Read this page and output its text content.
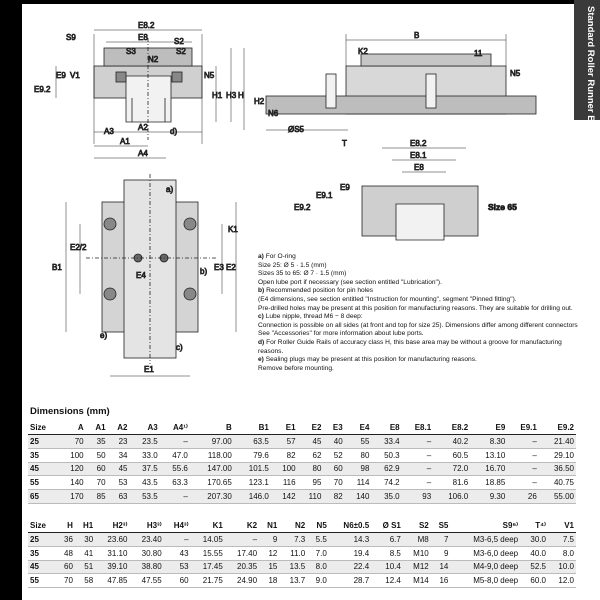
Standard Roller Runner B
S9
E8.2
E8
S3
S2
S2
N2
E9 V1
E9.2
N5
H1 H3 H
A3	A2
A1
A4
d)
B
K2	11
N5
H2
N6
ØS5
T	E8.2
E8.1
E8
E9
E9.1
E9.2	Size 65
a)
K1
E2/2
B1	b) E3 E2
E4
e)
c)
E1

a) For O-ring
Size 25: Ø 5 · 1.5 (mm)
Sizes 35 to 65: Ø 7 · 1.5 (mm)
Open lube port if necessary (see section entitled "Lubrication").

b) Recommended position for pin holes
(E4 dimensions, see section entitled "Instruction for mounting", segment "Pinned fitting").
Pre-drilled holes may be present at this position for manufacturing reasons. They are suitable for drilling out.

c) Lube nipple, thread M6 − 8 deep:
Connection is possible on all sides (at front and top for size 25). Dimensions differ among different connectors See "Accessories" for more information about lube ports.

d) For Roller Guide Rails of accuracy class H, this base area may be without a groove for manufacturing reasons.

e) Sealing plugs may be present at this position for manufacturing reasons.
Remove before mounting.

Dimensions (mm)
Size	A	A1	A2	A3	A4¹⁾	B	B1	E1	E2	E3	E4	E8	E8.1	E8.2	E9	E9.1	E9.2
25	70	35	23	23.5	–	97.00	63.5	57	45	40	55	33.4	–	40.2	8.30	–	21.40
35	100	50	34	33.0	47.0	118.00	79.6	82	62	52	80	50.3	–	60.5	13.10	–	29.10
45	120	60	45	37.5	55.6	147.00	101.5	100	80	60	98	62.9	–	72.0	16.70	–	36.50
55	140	70	53	43.5	63.3	170.65	123.1	116	95	70	114	74.2	–	81.6	18.85	–	40.75
65	170	85	63	53.5	–	207.30	146.0	142	110	82	140	35.0	93	106.0	9.30	26	55.00
Size	H	H1	H2³⁾	H3³⁾	H4³⁾	K1	K2	N1	N2	N5	N6±0.5	Ø S1	S2	S5	S9⁶⁾	T⁴⁾	V1
25	36	30	23.60	23.40	–	14.05	–	9	7.3	5.5	14.3	6.7	M8	7	M3-6,5 deep	30.0	7.5
35	48	41	31.10	30.80	43	15.55	17.40	12	11.0	7.0	19.4	8.5	M10	9	M3-6,0 deep	40.0	8.0
45	60	51	39.10	38.80	53	17.45	20.35	15	13.5	8.0	22.4	10.4	M12	14	M4-9,0 deep	52.5	10.0
55	70	58	47.85	47.55	60	21.75	24.90	18	13.7	9.0	28.7	12.4	M14	16	M5-8,0 deep	60.0	12.0
